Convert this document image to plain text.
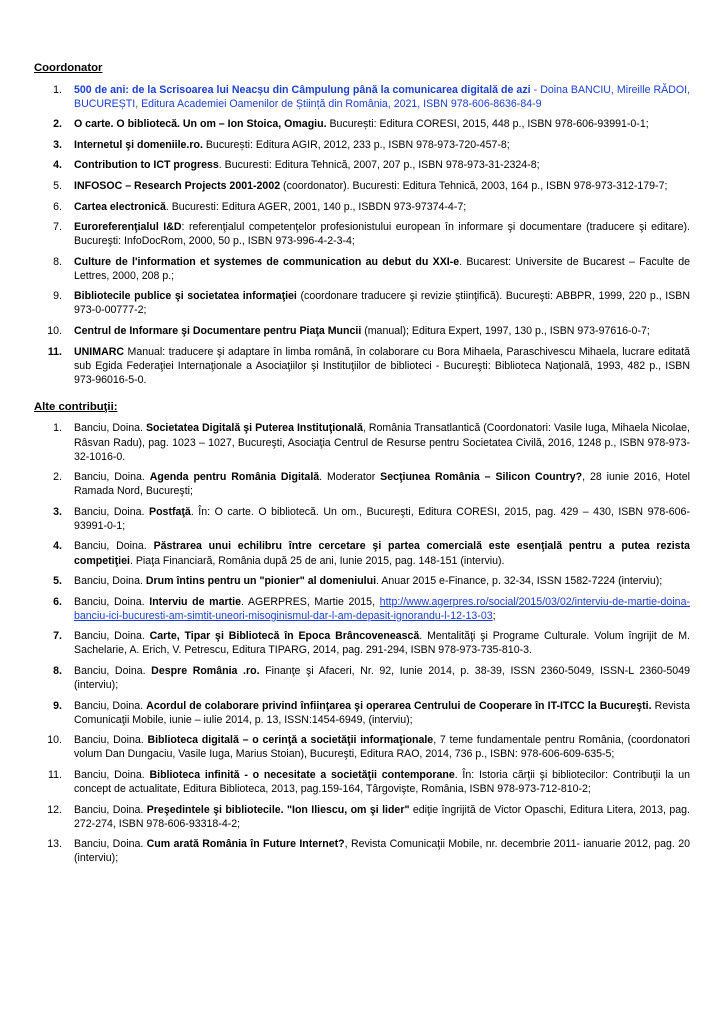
Coordonator
1. 500 de ani: de la Scrisoarea lui Neacșu din Câmpulung până la comunicarea digitală de azi - Doina BANCIU, Mireille RĂDOI, BUCUREȘTI, Editura Academiei Oamenilor de Știință din România, 2021, ISBN 978-606-8636-84-9
2. O carte. O bibliotecă. Un om – Ion Stoica, Omagiu. București: Editura CORESI, 2015, 448 p., ISBN 978-606-93991-0-1;
3. Internetul şi domeniile.ro. București: Editura AGIR, 2012, 233 p., ISBN 978-973-720-457-8;
4. Contribution to ICT progress. Bucuresti: Editura Tehnică, 2007, 207 p., ISBN 978-973-31-2324-8;
5. INFOSOC – Research Projects 2001-2002 (coordonator). Bucuresti: Editura Tehnică, 2003, 164 p., ISBN 978-973-312-179-7;
6. Cartea electronică. Bucuresti: Editura AGER, 2001, 140 p., ISBDN 973-97374-4-7;
7. Euroreferenţialul I&D: referenţialul competenţelor profesionistului european în informare şi documentare (traducere şi editare). Bucureşti: InfoDocRom, 2000, 50 p., ISBN 973-996-4-2-3-4;
8. Culture de l'information et systemes de communication au debut du XXI-e. Bucarest: Universite de Bucarest – Faculte de Lettres, 2000, 208 p.;
9. Bibliotecile publice şi societatea informaţiei (coordonare traducere şi revizie ştiinţifică). Bucureşti: ABBPR, 1999, 220 p., ISBN 973-0-00777-2;
10. Centrul de Informare şi Documentare pentru Piaţa Muncii (manual); Editura Expert, 1997, 130 p., ISBN 973-97616-0-7;
11. UNIMARC Manual: traducere şi adaptare în limba română, în colaborare cu Bora Mihaela, Paraschivescu Mihaela, lucrare editată sub Egida Federaţiei Internaţionale a Asociaţiilor şi Instituţiilor de biblioteci - Bucureşti: Biblioteca Naţională, 1993, 482 p., ISBN 973-96016-5-0.
Alte contribuţii:
1. Banciu, Doina. Societatea Digitală şi Puterea Instituţională, România Transatlantică (Coordonatori: Vasile Iuga, Mihaela Nicolae, Râsvan Radu), pag. 1023 – 1027, Bucureşti, Asociaţia Centrul de Resurse pentru Societatea Civilă, 2016, 1248 p., ISBN 978-973-32-1016-0.
2. Banciu, Doina. Agenda pentru România Digitală. Moderator Secţiunea România – Silicon Country?, 28 iunie 2016, Hotel Ramada Nord, Bucureşti;
3. Banciu, Doina. Postfaţă. În: O carte. O bibliotecă. Un om., Bucureşti, Editura CORESI, 2015, pag. 429 – 430, ISBN 978-606-93991-0-1;
4. Banciu, Doina. Păstrarea unui echilibru între cercetare şi partea comercială este esenţială pentru a putea rezista competiţiei. Piaţa Financiară, România după 25 de ani, Iunie 2015, pag. 148-151 (interviu).
5. Banciu, Doina. Drum întins pentru un "pionier" al domeniului. Anuar 2015 e-Finance, p. 32-34, ISSN 1582-7224 (interviu);
6. Banciu, Doina. Interviu de martie. AGERPRES, Martie 2015, http://www.agerpres.ro/social/2015/03/02/interviu-de-martie-doina-banciu-ici-bucuresti-am-simtit-uneori-misoginismul-dar-l-am-depasit-ignorandu-l-12-13-03;
7. Banciu, Doina. Carte, Tipar şi Bibliotecă în Epoca Brâncovenească. Mentalităţi şi Programe Culturale. Volum îngrijit de M. Sachelarie, A. Erich, V. Petrescu, Editura TIPARG, 2014, pag. 291-294, ISBN 978-973-735-810-3.
8. Banciu, Doina. Despre România .ro. Finanţe şi Afaceri, Nr. 92, Iunie 2014, p. 38-39, ISSN 2360-5049, ISSN-L 2360-5049 (interviu);
9. Banciu, Doina. Acordul de colaborare privind înfiinţarea şi operarea Centrului de Cooperare în IT-ITCC la Bucureşti. Revista Comunicaţii Mobile, iunie – iulie 2014, p. 13, ISSN:1454-6949, (interviu);
10. Banciu, Doina. Biblioteca digitală – o cerinţă a societăţii informaţionale, 7 teme fundamentale pentru România, (coordonatori volum Dan Dungaciu, Vasile Iuga, Marius Stoian), Bucureşti, Editura RAO, 2014, 736 p., ISBN: 978-606-609-635-5;
11. Banciu, Doina. Biblioteca infinită - o necesitate a societăţii contemporane. În: Istoria cărţii şi bibliotecilor: Contribuţii la un concept de actualitate, Editura Biblioteca, 2013, pag.159-164, Târgovişte, România, ISBN 978-973-712-810-2;
12. Banciu, Doina. Preşedintele şi bibliotecile. "Ion Iliescu, om şi lider" ediţie îngrijită de Victor Opaschi, Editura Litera, 2013, pag. 272-274, ISBN 978-606-93318-4-2;
13. Banciu, Doina. Cum arată România în Future Internet?, Revista Comunicaţii Mobile, nr. decembrie 2011- ianuarie 2012, pag. 20 (interviu);
